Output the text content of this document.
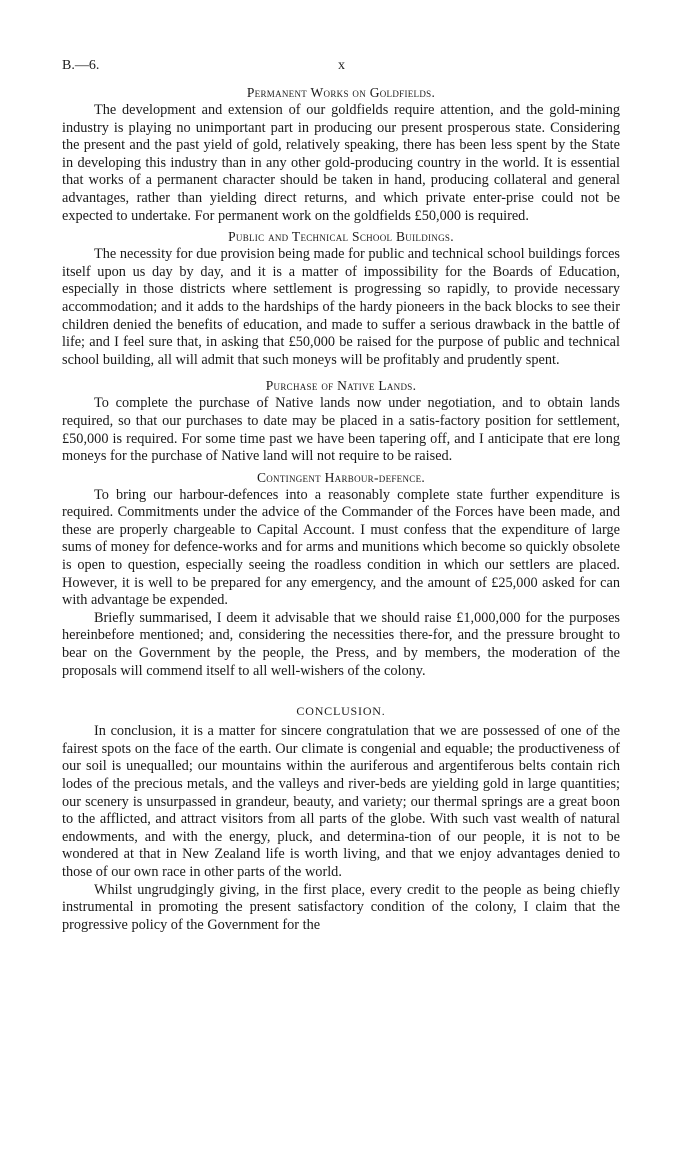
B.—6.	x
Permanent Works on Goldfields.

The development and extension of our goldfields require attention, and the gold-mining industry is playing no unimportant part in producing our present prosperous state. Considering the present and the past yield of gold, relatively speaking, there has been less spent by the State in developing this industry than in any other gold-producing country in the world. It is essential that works of a permanent character should be taken in hand, producing collateral and general advantages, rather than yielding direct returns, and which private enter-prise could not be expected to undertake. For permanent work on the goldfields £50,000 is required.

Public and Technical School Buildings.

The necessity for due provision being made for public and technical school buildings forces itself upon us day by day, and it is a matter of impossibility for the Boards of Education, especially in those districts where settlement is progressing so rapidly, to provide necessary accommodation; and it adds to the hardships of the hardy pioneers in the back blocks to see their children denied the benefits of education, and made to suffer a serious drawback in the battle of life; and I feel sure that, in asking that £50,000 be raised for the purpose of public and technical school building, all will admit that such moneys will be profitably and prudently spent.

Purchase of Native Lands.

To complete the purchase of Native lands now under negotiation, and to obtain lands required, so that our purchases to date may be placed in a satis-factory position for settlement, £50,000 is required. For some time past we have been tapering off, and I anticipate that ere long moneys for the purchase of Native land will not require to be raised.

Contingent Harbour-defence.

To bring our harbour-defences into a reasonably complete state further expenditure is required. Commitments under the advice of the Commander of the Forces have been made, and these are properly chargeable to Capital Account. I must confess that the expenditure of large sums of money for defence-works and for arms and munitions which become so quickly obsolete is open to question, especially seeing the roadless condition in which our settlers are placed. However, it is well to be prepared for any emergency, and the amount of £25,000 asked for can with advantage be expended.

Briefly summarised, I deem it advisable that we should raise £1,000,000 for the purposes hereinbefore mentioned; and, considering the necessities there-for, and the pressure brought to bear on the Government by the people, the Press, and by members, the moderation of the proposals will commend itself to all well-wishers of the colony.

CONCLUSION.

In conclusion, it is a matter for sincere congratulation that we are possessed of one of the fairest spots on the face of the earth. Our climate is congenial and equable; the productiveness of our soil is unequalled; our mountains within the auriferous and argentiferous belts contain rich lodes of the precious metals, and the valleys and river-beds are yielding gold in large quantities; our scenery is unsurpassed in grandeur, beauty, and variety; our thermal springs are a great boon to the afflicted, and attract visitors from all parts of the globe. With such vast wealth of natural endowments, and with the energy, pluck, and determina-tion of our people, it is not to be wondered at that in New Zealand life is worth living, and that we enjoy advantages denied to those of our own race in other parts of the world.

Whilst ungrudgingly giving, in the first place, every credit to the people as being chiefly instrumental in promoting the present satisfactory condition of the colony, I claim that the progressive policy of the Government for the
